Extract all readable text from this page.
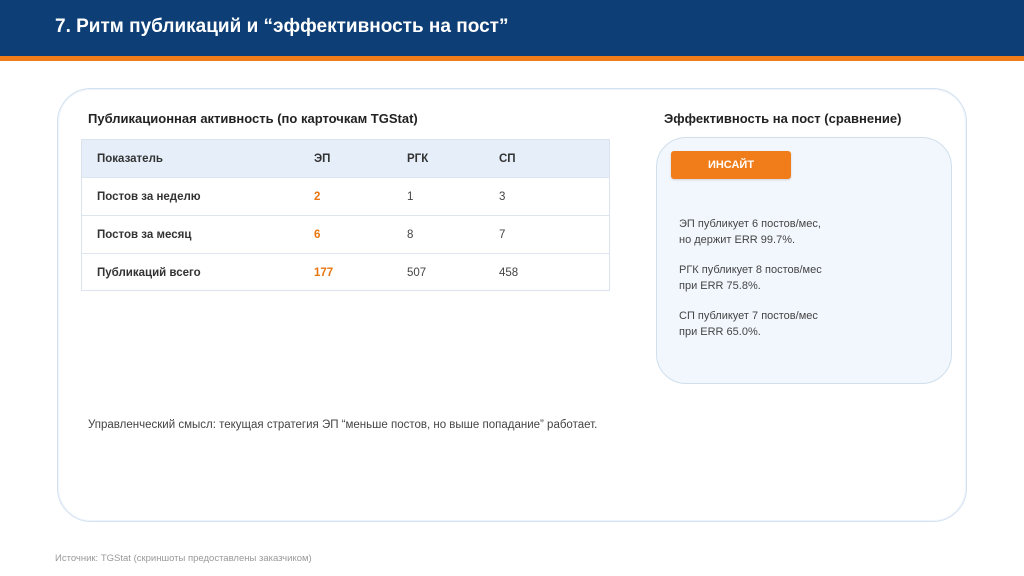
7. Ритм публикаций и “эффективность на пост”
Публикационная активность (по карточкам TGStat)
Показатель	ЭП	РГК	СП
Постов за неделю	2	1	3
Постов за месяц	6	8	7
Публикаций всего	177	507	458
Управленческий смысл: текущая стратегия ЭП “меньше постов, но выше попадание” работает.
Эффективность на пост (сравнение)
ИНСАЙТ
ЭП публикует 6 постов/мес,
но держит ERR 99.7%.
РГК публикует 8 постов/мес
при ERR 75.8%.
СП публикует 7 постов/мес
при ERR 65.0%.
Источник: TGStat (скриншоты предоставлены заказчиком)
